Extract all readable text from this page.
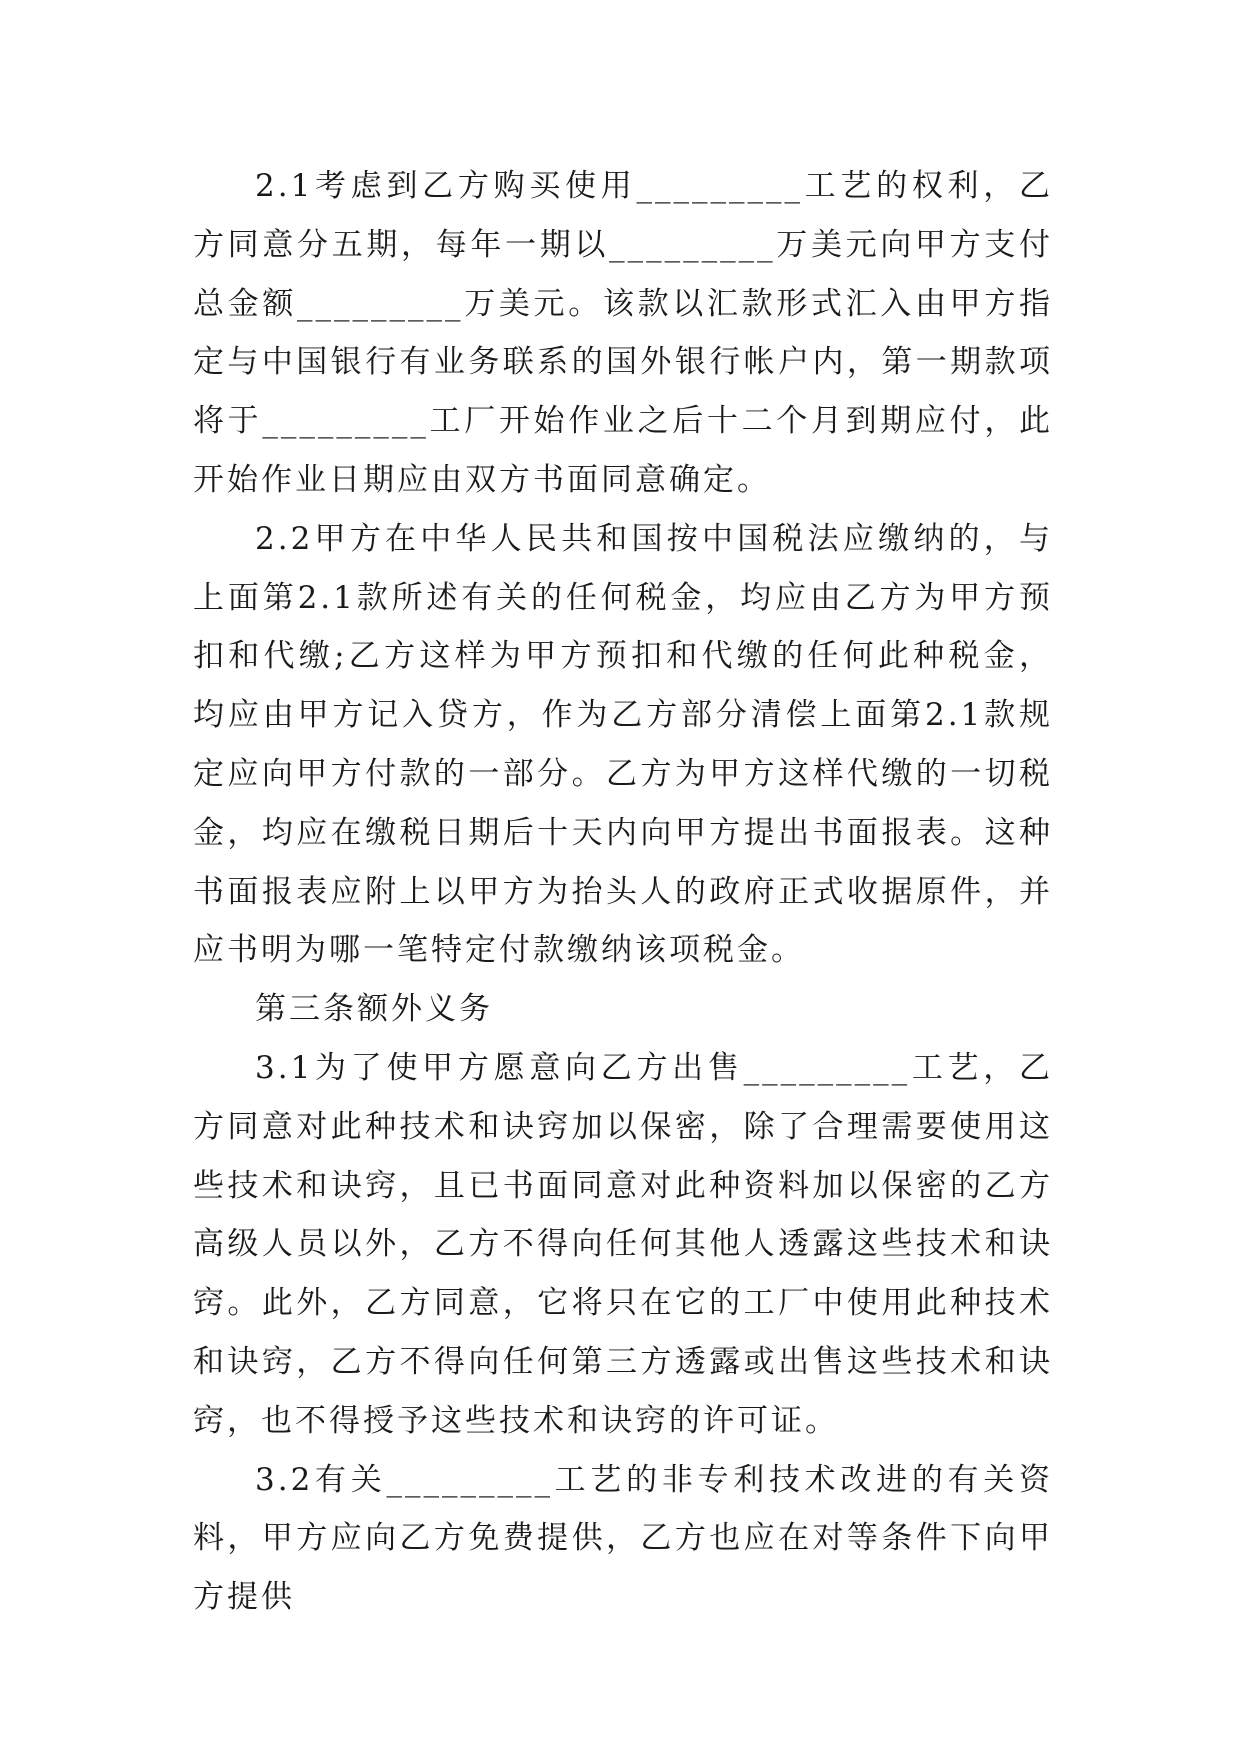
2.1考虑到乙方购买使用_________工艺的权利，乙方同意分五期，每年一期以_________万美元向甲方支付总金额_________万美元。该款以汇款形式汇入由甲方指定与中国银行有业务联系的国外银行帐户内，第一期款项将于_________工厂开始作业之后十二个月到期应付，此开始作业日期应由双方书面同意确定。

2.2甲方在中华人民共和国按中国税法应缴纳的，与上面第2.1款所述有关的任何税金，均应由乙方为甲方预扣和代缴;乙方这样为甲方预扣和代缴的任何此种税金，均应由甲方记入贷方，作为乙方部分清偿上面第2.1款规定应向甲方付款的一部分。乙方为甲方这样代缴的一切税金，均应在缴税日期后十天内向甲方提出书面报表。这种书面报表应附上以甲方为抬头人的政府正式收据原件，并应书明为哪一笔特定付款缴纳该项税金。

第三条额外义务

3.1为了使甲方愿意向乙方出售_________工艺，乙方同意对此种技术和诀窍加以保密，除了合理需要使用这些技术和诀窍，且已书面同意对此种资料加以保密的乙方高级人员以外，乙方不得向任何其他人透露这些技术和诀窍。此外，乙方同意，它将只在它的工厂中使用此种技术和诀窍，乙方不得向任何第三方透露或出售这些技术和诀窍，也不得授予这些技术和诀窍的许可证。

3.2有关_________工艺的非专利技术改进的有关资料，甲方应向乙方免费提供，乙方也应在对等条件下向甲方提供
